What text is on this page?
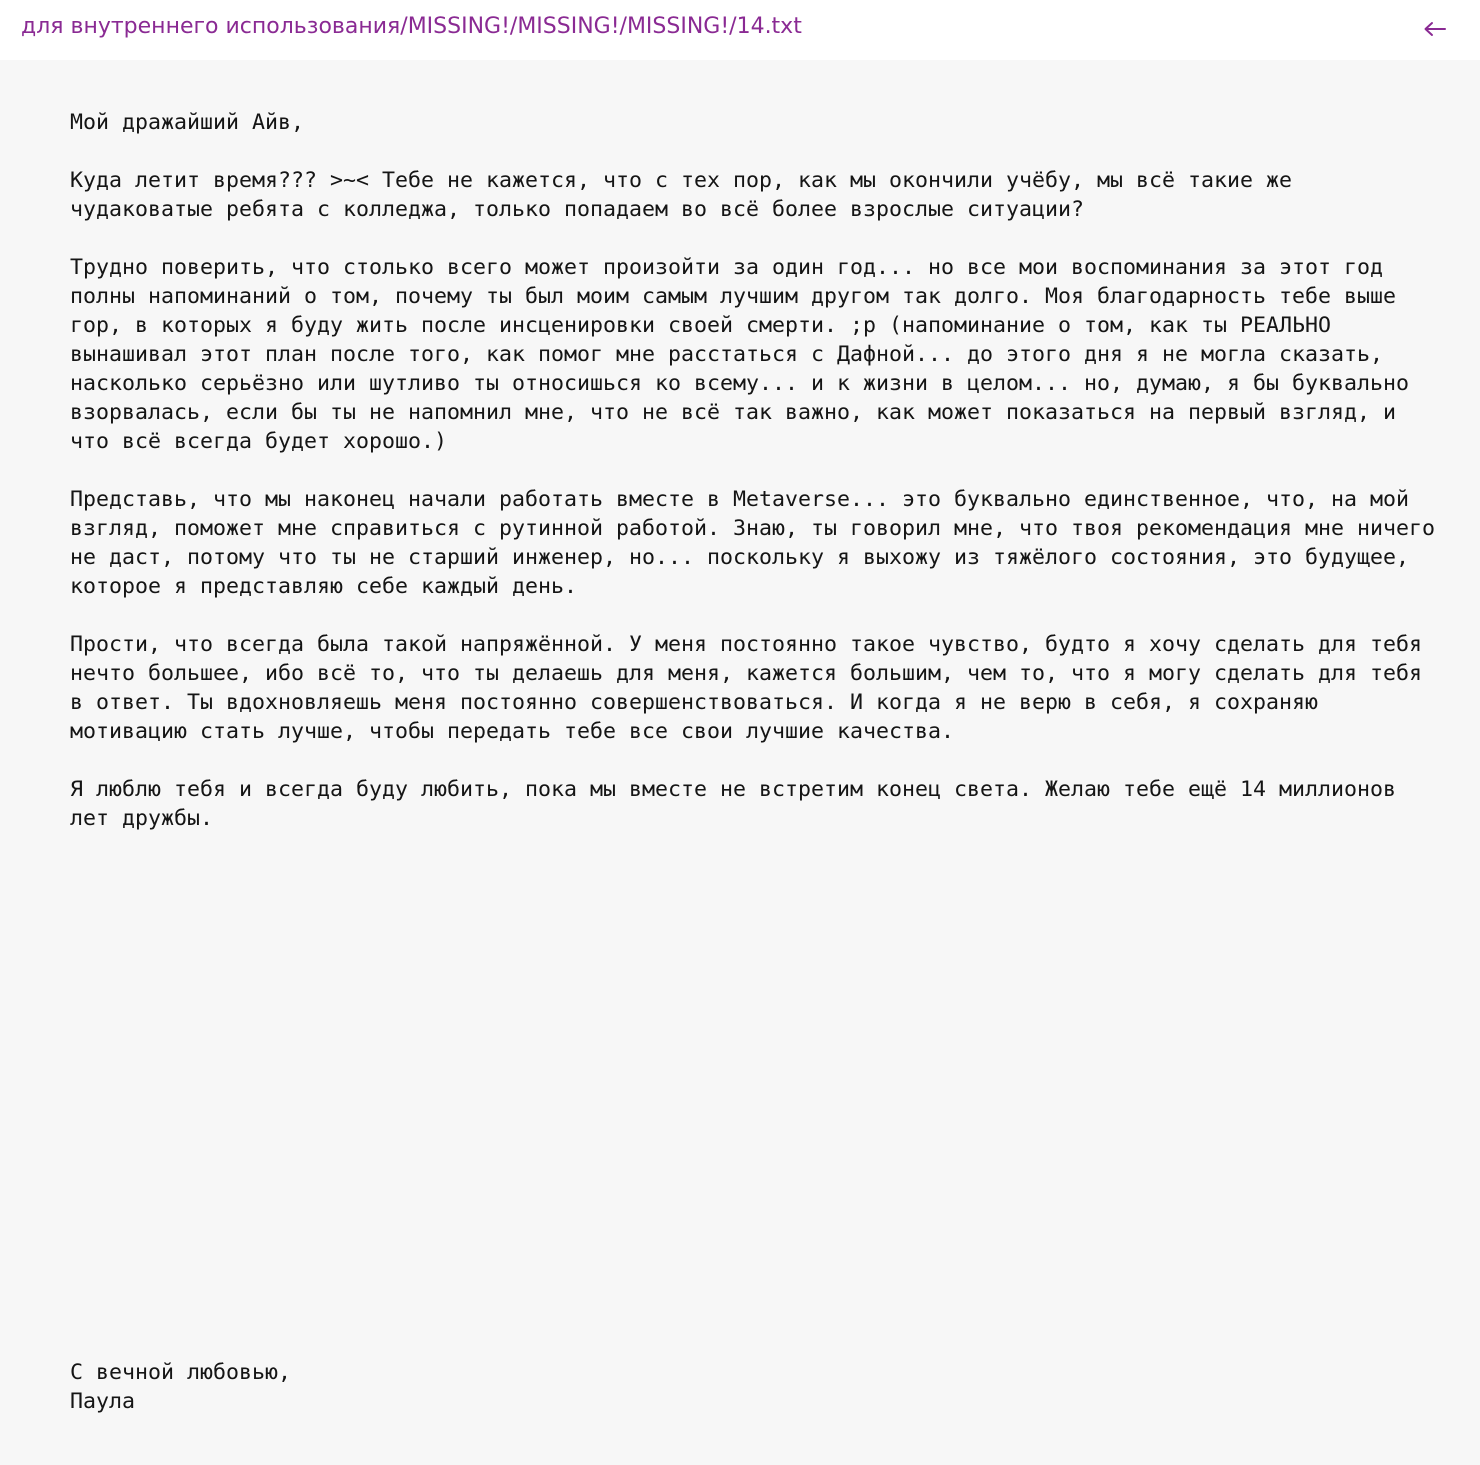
для внутреннего использования/MISSING!/MISSING!/MISSING!/14.txt
Мой дражайший Айв,
Куда летит время??? >~< Тебе не кажется, что с тех пор, как мы окончили учёбу, мы всё такие же чудаковатые ребята с колледжа, только попадаем во всё более взрослые ситуации?
Трудно поверить, что столько всего может произойти за один год... но все мои воспоминания за этот год полны напоминаний о том, почему ты был моим самым лучшим другом так долго. Моя благодарность тебе выше гор, в которых я буду жить после инсценировки своей смерти. ;p (напоминание о том, как ты РЕАЛЬНО вынашивал этот план после того, как помог мне расстаться с Дафной... до этого дня я не могла сказать, насколько серьёзно или шутливо ты относишься ко всему... и к жизни в целом... но, думаю, я бы буквально взорвалась, если бы ты не напомнил мне, что не всё так важно, как может показаться на первый взгляд, и что всё всегда будет хорошо.)
Представь, что мы наконец начали работать вместе в Metaverse... это буквально единственное, что, на мой взгляд, поможет мне справиться с рутинной работой. Знаю, ты говорил мне, что твоя рекомендация мне ничего не даст, потому что ты не старший инженер, но... поскольку я выхожу из тяжёлого состояния, это будущее, которое я представляю себе каждый день.
Прости, что всегда была такой напряжённой. У меня постоянно такое чувство, будто я хочу сделать для тебя нечто большее, ибо всё то, что ты делаешь для меня, кажется большим, чем то, что я могу сделать для тебя в ответ. Ты вдохновляешь меня постоянно совершенствоваться. И когда я не верю в себя, я сохраняю мотивацию стать лучше, чтобы передать тебе все свои лучшие качества.
Я люблю тебя и всегда буду любить, пока мы вместе не встретим конец света. Желаю тебе ещё 14 миллионов лет дружбы.
С вечной любовью,
Паула
